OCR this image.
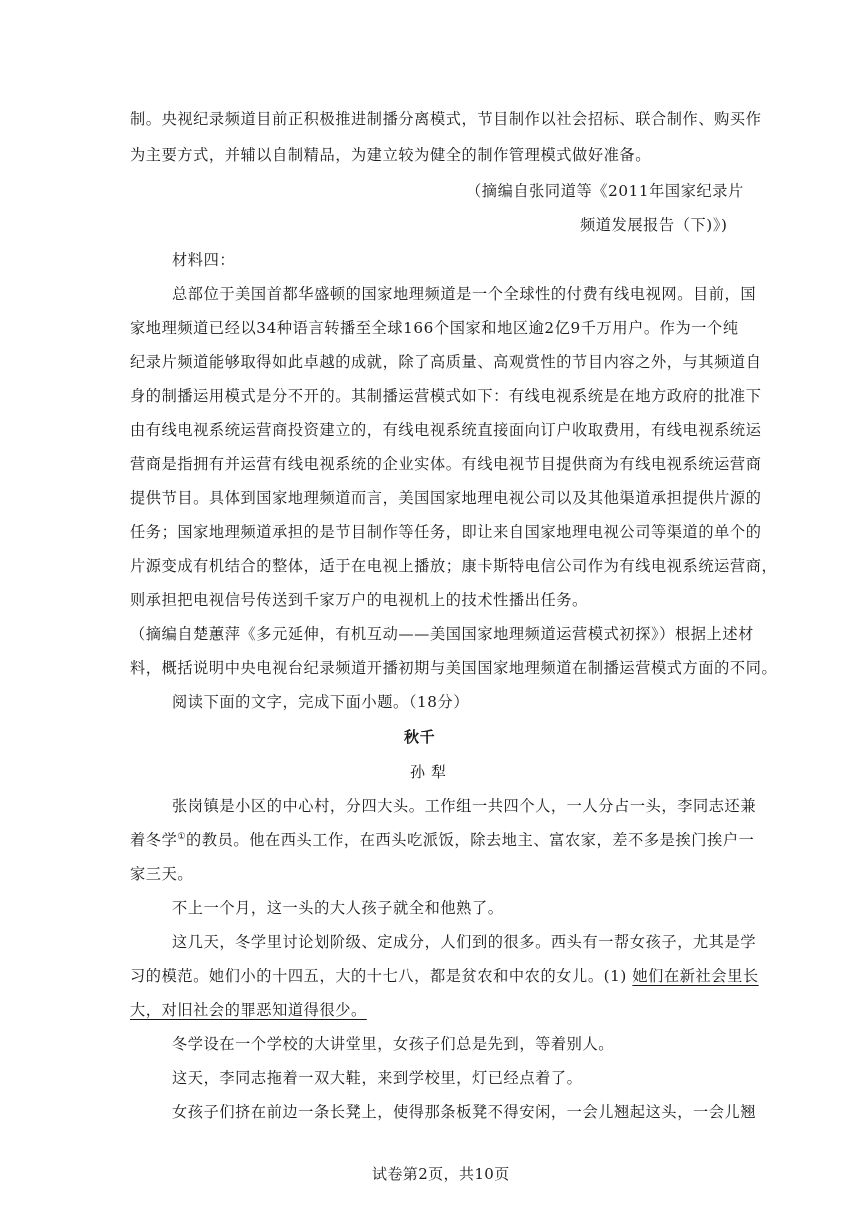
制。央视纪录频道目前正积极推进制播分离模式，节目制作以社会招标、联合制作、购买作
为主要方式，并辅以自制精品，为建立较为健全的制作管理模式做好准备。
（摘编自张同道等《2011年国家纪录片
频道发展报告（下)》)
材料四：
总部位于美国首都华盛顿的国家地理频道是一个全球性的付费有线电视网。目前，国
家地理频道已经以34种语言转播至全球166个国家和地区逾2亿9千万用户。作为一个纯
纪录片频道能够取得如此卓越的成就，除了高质量、高观赏性的节目内容之外，与其频道自
身的制播运用模式是分不开的。其制播运营模式如下：有线电视系统是在地方政府的批准下
由有线电视系统运营商投资建立的，有线电视系统直接面向订户收取费用，有线电视系统运
营商是指拥有并运营有线电视系统的企业实体。有线电视节目提供商为有线电视系统运营商
提供节目。具体到国家地理频道而言，美国国家地理电视公司以及其他渠道承担提供片源的
任务；国家地理频道承担的是节目制作等任务，即让来自国家地理电视公司等渠道的单个的
片源变成有机结合的整体，适于在电视上播放；康卡斯特电信公司作为有线电视系统运营商，
则承担把电视信号传送到千家万户的电视机上的技术性播出任务。
（摘编自楚蕙萍《多元延伸，有机互动——美国国家地理频道运营模式初探》）根据上述材
料，概括说明中央电视台纪录频道开播初期与美国国家地理频道在制播运营模式方面的不同。
阅读下面的文字，完成下面小题。（18分）
秋千
孙犁
张岗镇是小区的中心村，分四大头。工作组一共四个人，一人分占一头，李同志还兼
着冬学①的教员。他在西头工作，在西头吃派饭，除去地主、富农家，差不多是挨门挨户一
家三天。
不上一个月，这一头的大人孩子就全和他熟了。
这几天，冬学里讨论划阶级、定成分，人们到的很多。西头有一帮女孩子，尤其是学
习的模范。她们小的十四五，大的十七八，都是贫农和中农的女儿。(1) 她们在新社会里长
大，对旧社会的罪恶知道得很少。
冬学设在一个学校的大讲堂里，女孩子们总是先到，等着别人。
这天，李同志拖着一双大鞋，来到学校里，灯已经点着了。
女孩子们挤在前边一条长凳上，使得那条板凳不得安闲，一会儿翘起这头，一会儿翘
试卷第2页，共10页
